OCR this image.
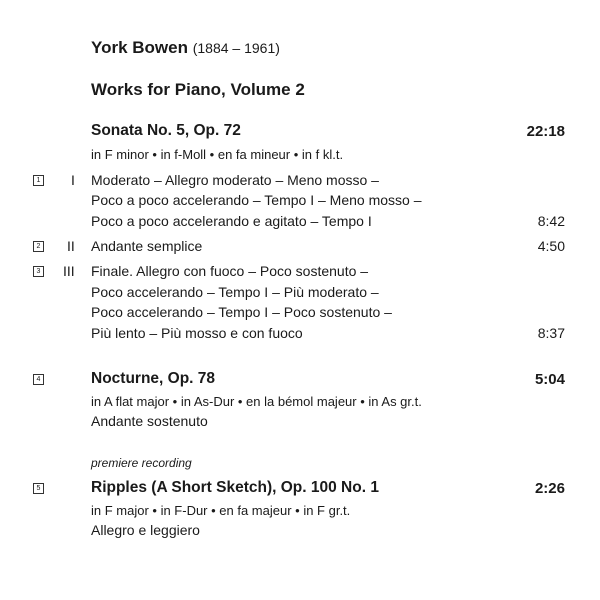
York Bowen (1884 – 1961)
Works for Piano, Volume 2
Sonata No. 5, Op. 72	22:18
in F minor • in f-Moll • en fa mineur • in f kl.t.
1 I Moderato – Allegro moderato – Meno mosso –
Poco a poco accelerando – Tempo I – Meno mosso –
Poco a poco accelerando e agitato – Tempo I	8:42
2 II Andante semplice	4:50
3 III Finale. Allegro con fuoco – Poco sostenuto –
Poco accelerando – Tempo I – Più moderato –
Poco accelerando – Tempo I – Poco sostenuto –
Più lento – Più mosso e con fuoco	8:37
4	Nocturne, Op. 78	5:04
in A flat major • in As-Dur • en la bémol majeur • in As gr.t.
Andante sostenuto
premiere recording
5	Ripples (A Short Sketch), Op. 100 No. 1	2:26
in F major • in F-Dur • en fa majeur • in F gr.t.
Allegro e leggiero
